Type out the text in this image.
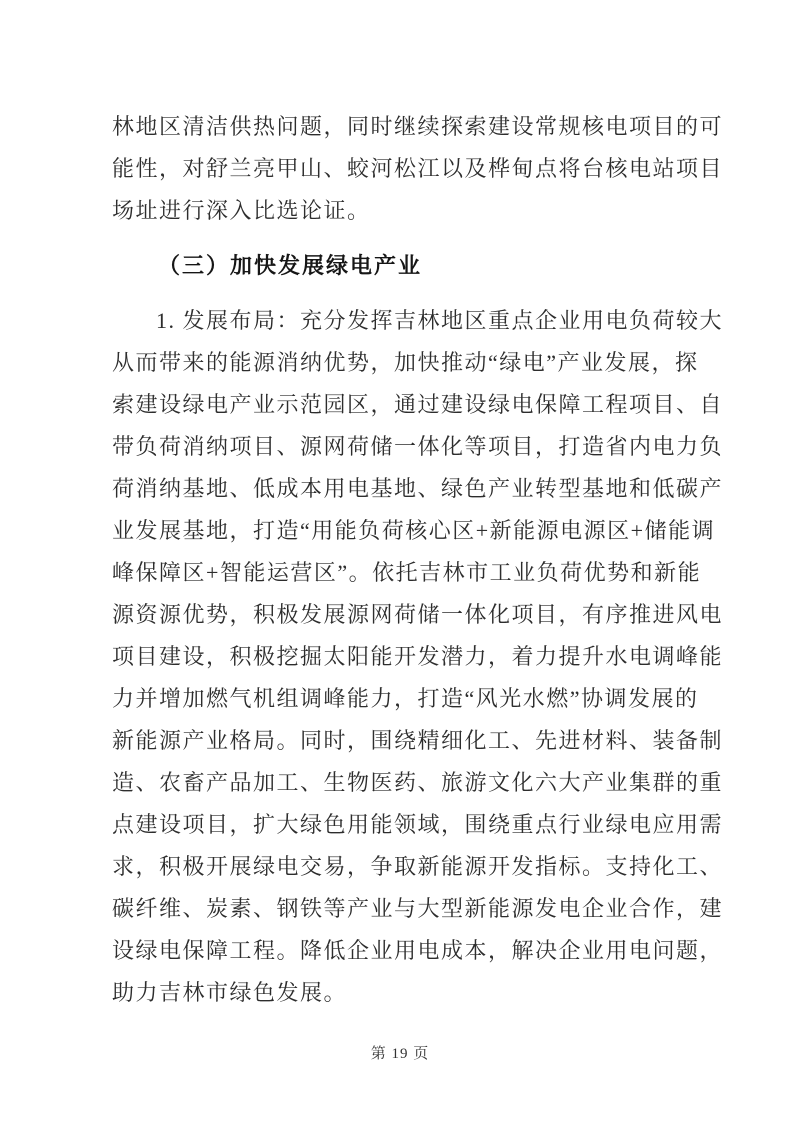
林地区清洁供热问题，同时继续探索建设常规核电项目的可
能性，对舒兰亮甲山、蛟河松江以及桦甸点将台核电站项目
场址进行深入比选论证。
（三）加快发展绿电产业
1. 发展布局：充分发挥吉林地区重点企业用电负荷较大
从而带来的能源消纳优势，加快推动“绿电”产业发展，探
索建设绿电产业示范园区，通过建设绿电保障工程项目、自
带负荷消纳项目、源网荷储一体化等项目，打造省内电力负
荷消纳基地、低成本用电基地、绿色产业转型基地和低碳产
业发展基地，打造“用能负荷核心区+新能源电源区+储能调
峰保障区+智能运营区”。依托吉林市工业负荷优势和新能
源资源优势，积极发展源网荷储一体化项目，有序推进风电
项目建设，积极挖掘太阳能开发潜力，着力提升水电调峰能
力并增加燃气机组调峰能力，打造“风光水燃”协调发展的
新能源产业格局。同时，围绕精细化工、先进材料、装备制
造、农畜产品加工、生物医药、旅游文化六大产业集群的重
点建设项目，扩大绿色用能领域，围绕重点行业绿电应用需
求，积极开展绿电交易，争取新能源开发指标。支持化工、
碳纤维、炭素、钢铁等产业与大型新能源发电企业合作，建
设绿电保障工程。降低企业用电成本，解决企业用电问题，
助力吉林市绿色发展。
第 19 页
